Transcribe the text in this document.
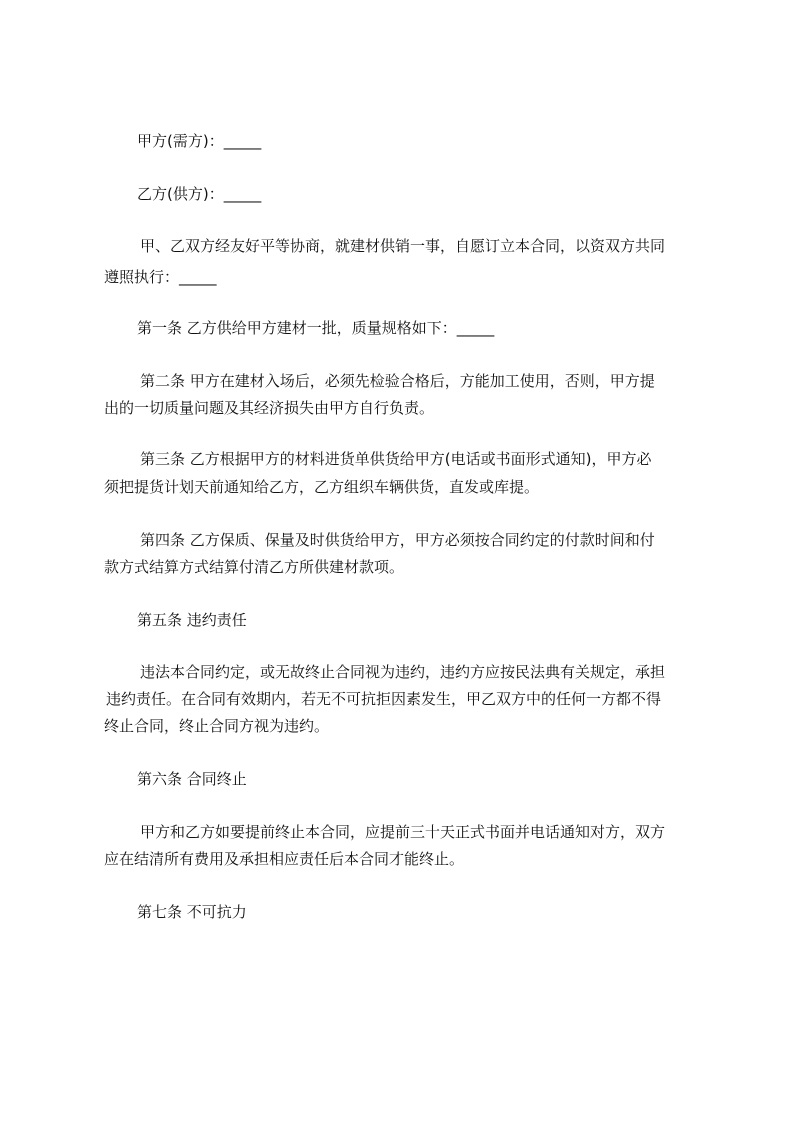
甲方(需方)：_____
乙方(供方)：_____
甲、乙双方经友好平等协商，就建材供销一事，自愿订立本合同，以资双方共同
遵照执行：_____
第一条 乙方供给甲方建材一批，质量规格如下：_____
第二条 甲方在建材入场后，必须先检验合格后，方能加工使用，否则，甲方提
出的一切质量问题及其经济损失由甲方自行负责。
第三条 乙方根据甲方的材料进货单供货给甲方(电话或书面形式通知)，甲方必
须把提货计划天前通知给乙方，乙方组织车辆供货，直发或库提。
第四条 乙方保质、保量及时供货给甲方，甲方必须按合同约定的付款时间和付
款方式结算方式结算付清乙方所供建材款项。
第五条 违约责任
违法本合同约定，或无故终止合同视为违约，违约方应按民法典有关规定，承担
违约责任。在合同有效期内，若无不可抗拒因素发生，甲乙双方中的任何一方都不得
终止合同，终止合同方视为违约。
第六条 合同终止
甲方和乙方如要提前终止本合同，应提前三十天正式书面并电话通知对方，双方
应在结清所有费用及承担相应责任后本合同才能终止。
第七条 不可抗力
